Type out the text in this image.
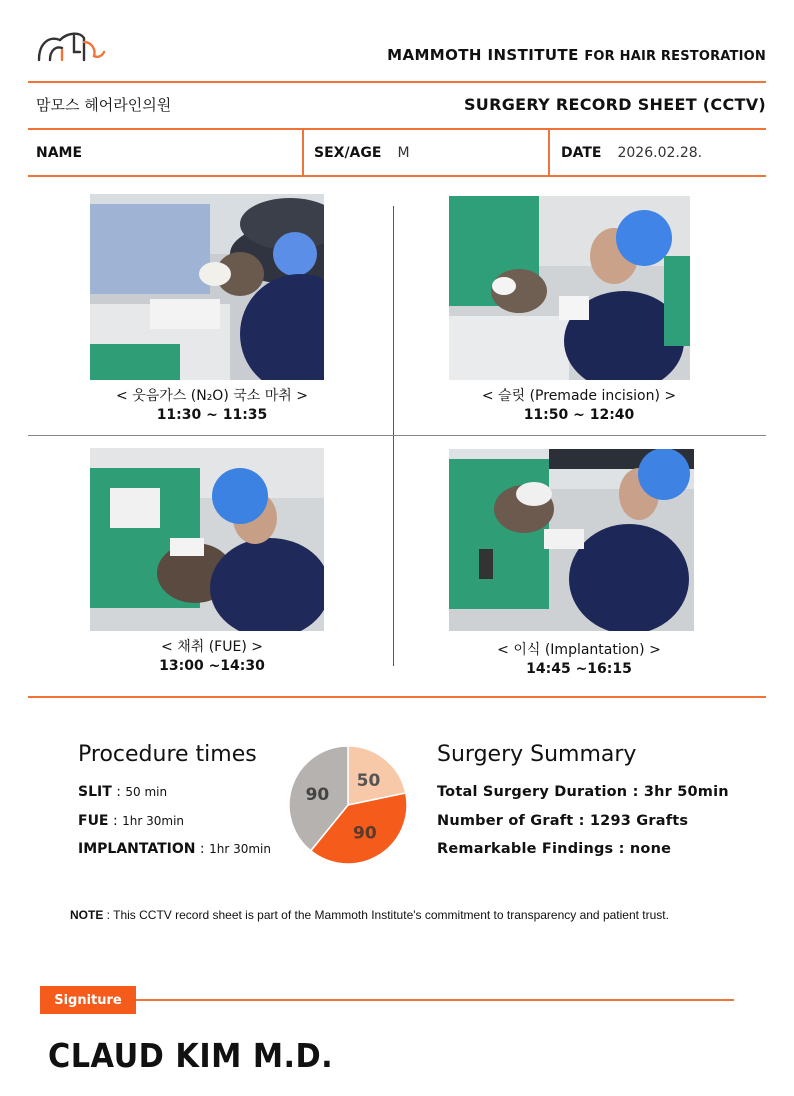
MAMMOTH INSTITUTE FOR HAIR RESTORATION
맘모스 헤어라인의원	SURGERY RECORD SHEET (CCTV)
NAME	SEX/AGE M	DATE 2026.02.28.
< 웃음가스 (N₂O) 국소 마취 >
11:30 ~ 11:35
< 슬릿 (Premade incision) >
11:50 ~ 12:40
< 채취 (FUE) >
13:00 ~14:30
< 이식 (Implantation) >
14:45 ~16:15
Procedure times
SLIT : 50 min
FUE : 1hr 30min
IMPLANTATION : 1hr 30min
50
90
90
Surgery Summary
Total Surgery Duration : 3hr 50min
Number of Graft : 1293 Grafts
Remarkable Findings : none
NOTE : This CCTV record sheet is part of the Mammoth Institute's commitment to transparency and patient trust.
Signiture
CLAUD KIM M.D.
